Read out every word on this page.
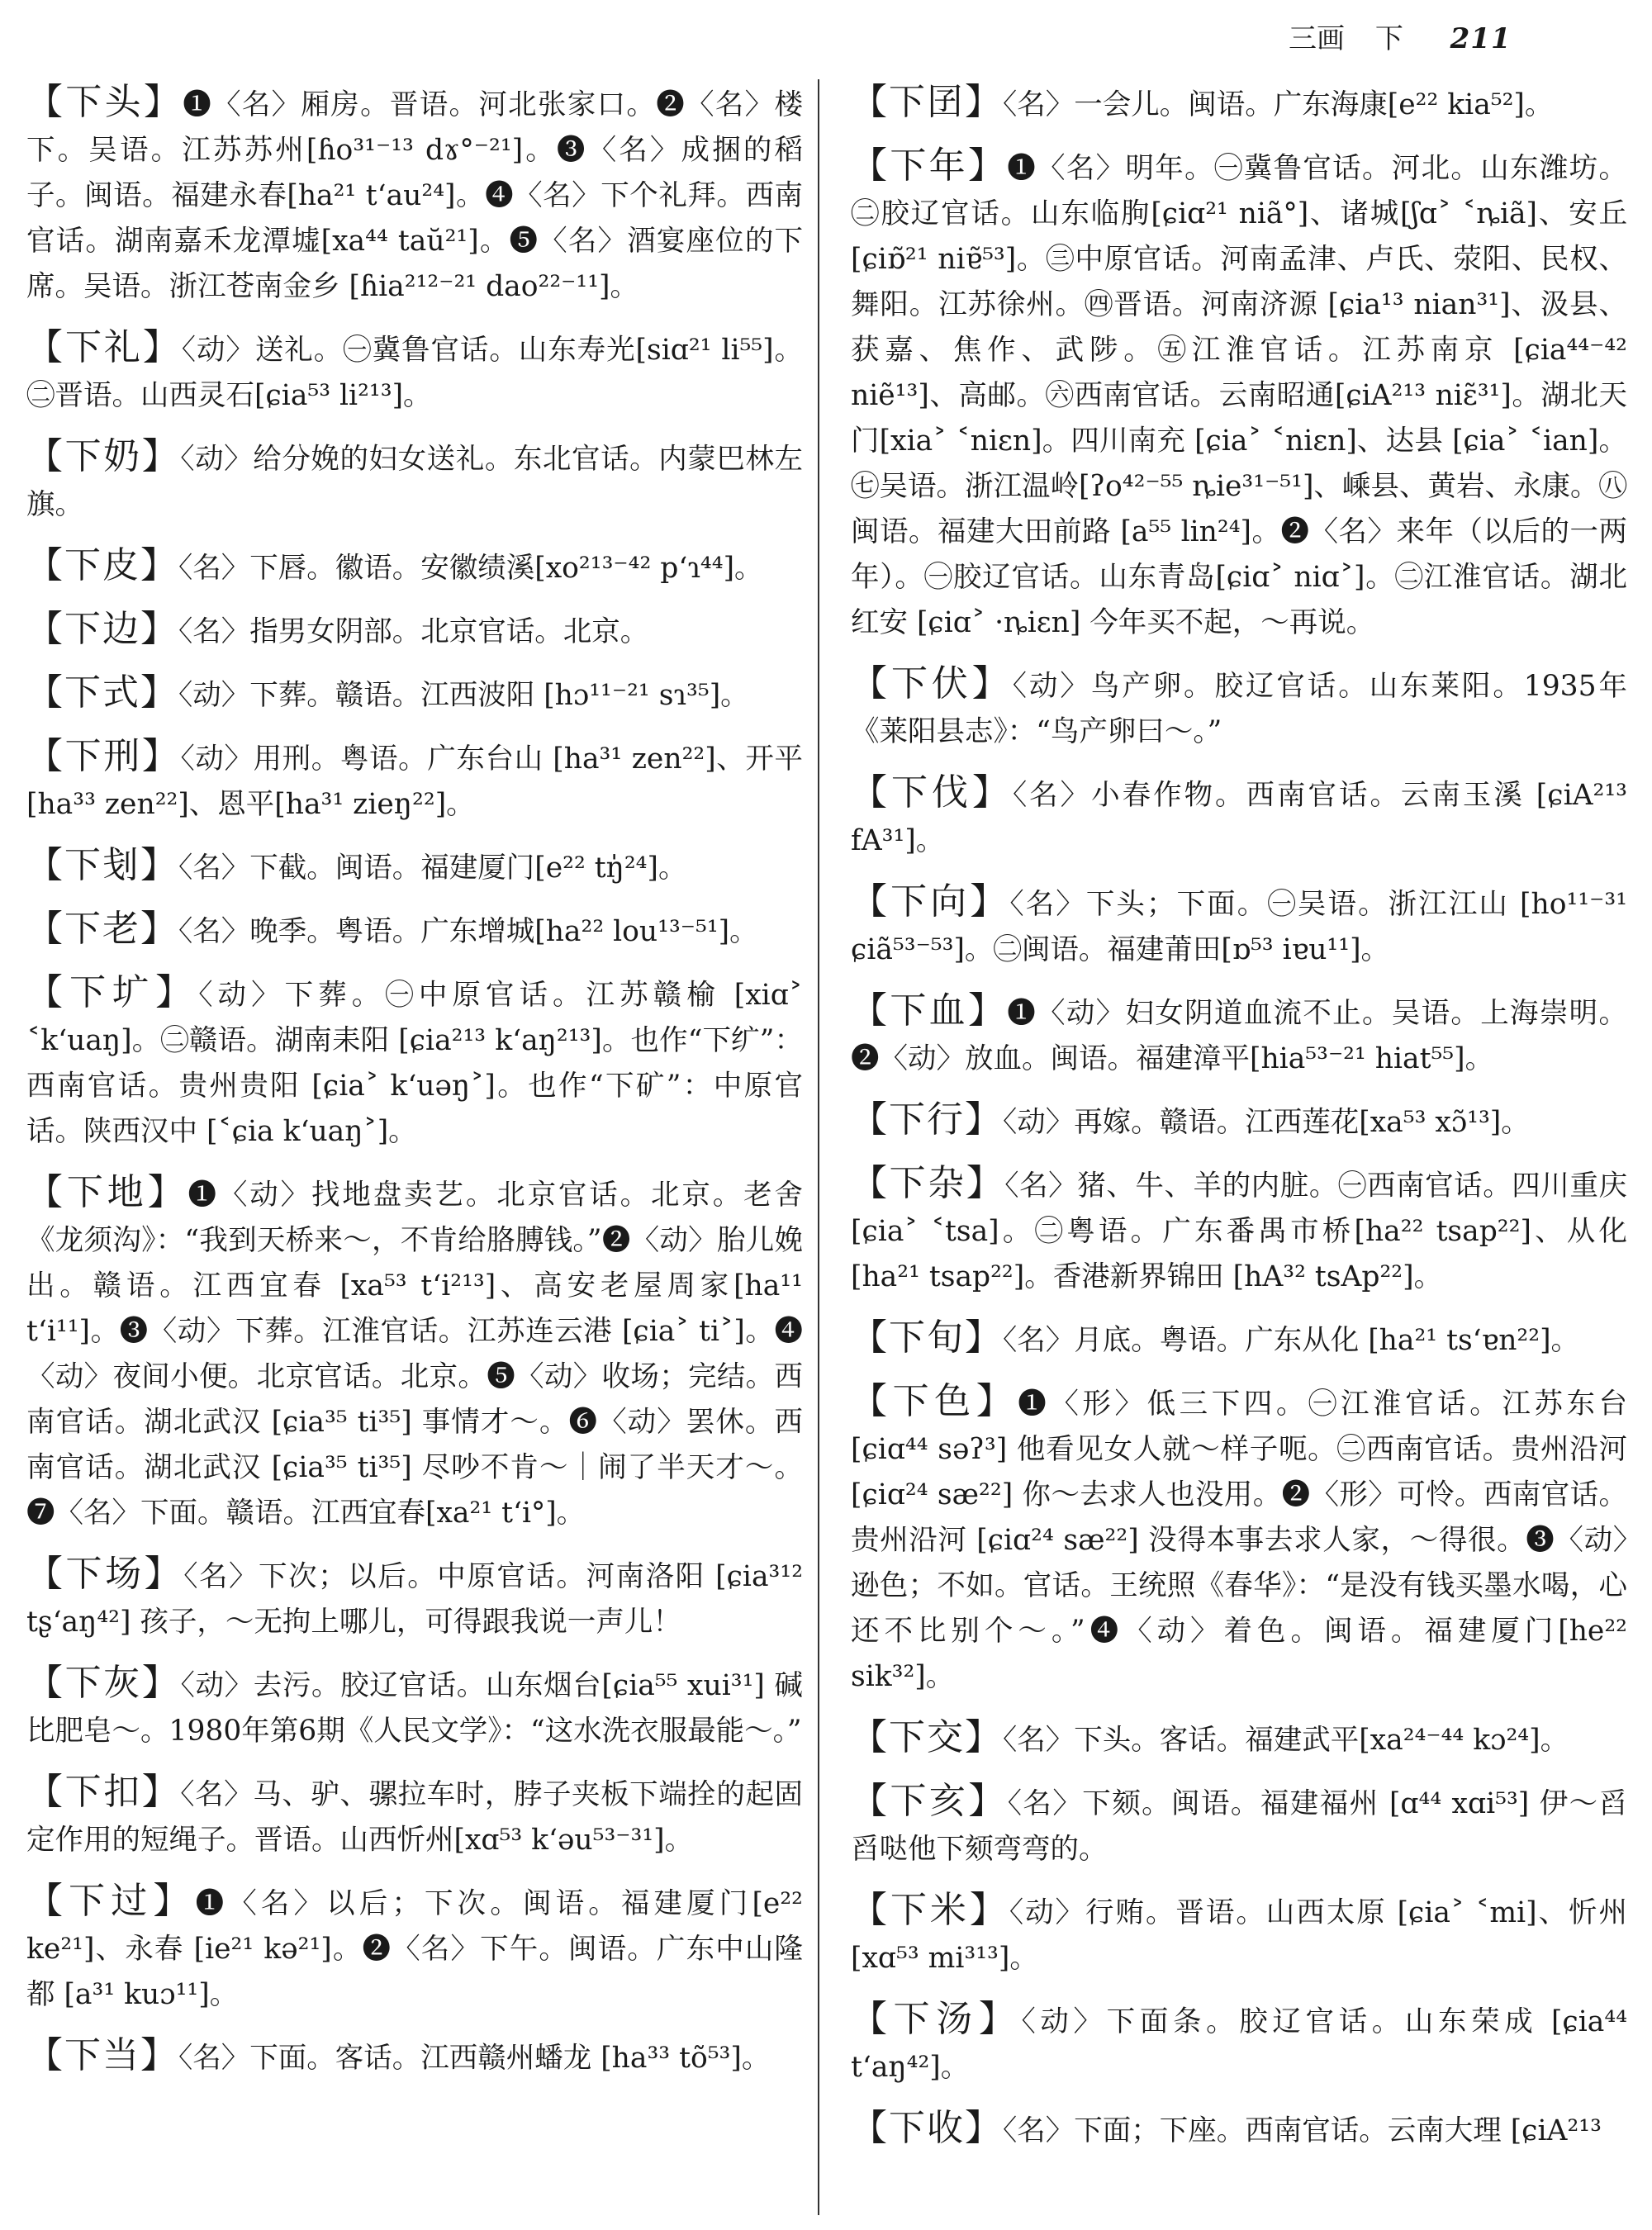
三画 下 211

【 下头 】 ❶〈名〉厢房。晋语。河北张家口。❷〈名〉楼下。吴语。江苏苏州[ɦo³¹⁻¹³ dɤ°⁻²¹]。❸〈名〉成捆的稻子。闽语。福建永春[ha²¹ t‘au²⁴]。❹〈名〉下个礼拜。西南官话。湖南嘉禾龙潭墟[xa⁴⁴ taŭ²¹]。❺〈名〉酒宴座位的下席。吴语。浙江苍南金乡 [ɦia²¹²⁻²¹ dao²²⁻¹¹]。

【 下礼 】 〈动〉送礼。㊀冀鲁官话。山东寿光[siɑ²¹ li⁵⁵]。㊁晋语。山西灵石[ɕia⁵³ li²¹³]。

【 下奶 】 〈动〉给分娩的妇女送礼。东北官话。内蒙巴林左旗。

【 下皮 】 〈名〉下唇。徽语。安徽绩溪[xo²¹³⁻⁴² p‘ɿ⁴⁴]。

【 下边 】 〈名〉指男女阴部。北京官话。北京。

【 下式 】 〈动〉下葬。赣语。江西波阳 [hɔ¹¹⁻²¹ sɿ³⁵]。

【 下刑 】 〈动〉用刑。粤语。广东台山 [ha³¹ zen²²]、开平[ha³³ zen²²]、恩平[ha³¹ zieŋ²²]。

【 下刬 】 〈名〉下截。闽语。福建厦门[e²² tŋ̍²⁴]。

【 下老 】 〈名〉晚季。粤语。广东增城[ha²² lou¹³⁻⁵¹]。

【 下圹 】 〈动〉下葬。㊀中原官话。江苏赣榆 [xiɑ˃ ˂k‘uaŋ]。㊁赣语。湖南耒阳 [ɕia²¹³ k‘aŋ²¹³]。也作“下纩”：西南官话。贵州贵阳 [ɕia˃ k‘uəŋ˃]。也作“下矿”：中原官话。陕西汉中 [˂ɕia k‘uaŋ˃]。

【 下地 】 ❶〈动〉找地盘卖艺。北京官话。北京。老舍《龙须沟》：“我到天桥来～，不肯给胳膊钱。”❷〈动〉胎儿娩出。赣语。江西宜春 [xa⁵³ t‘i²¹³]、高安老屋周家[ha¹¹ t‘i¹¹]。❸〈动〉下葬。江淮官话。江苏连云港 [ɕia˃ ti˃]。❹〈动〉夜间小便。北京官话。北京。❺〈动〉收场；完结。西南官话。湖北武汉 [ɕia³⁵ ti³⁵] 事情才～。❻〈动〉罢休。西南官话。湖北武汉 [ɕia³⁵ ti³⁵] 尽吵不肯～｜闹了半天才～。❼〈名〉下面。赣语。江西宜春[xa²¹ t‘i°]。

【 下场 】 〈名〉下次；以后。中原官话。河南洛阳 [ɕia³¹² tʂ‘aŋ⁴²] 孩子，～无拘上哪儿，可得跟我说一声儿！

【 下灰 】 〈动〉去污。胶辽官话。山东烟台[ɕia⁵⁵ xui³¹] 碱比肥皂～。1980年第6期《人民文学》：“这水洗衣服最能～。”

【 下扣 】 〈名〉马、驴、骡拉车时，脖子夹板下端拴的起固定作用的短绳子。晋语。山西忻州[xɑ⁵³ k‘əu⁵³⁻³¹]。

【 下过 】 ❶〈名〉以后；下次。闽语。福建厦门[e²² ke²¹]、永春 [ie²¹ kə²¹]。❷〈名〉下午。闽语。广东中山隆都 [a³¹ kuɔ¹¹]。

【 下当 】 〈名〉下面。客话。江西赣州蟠龙 [ha³³ tõ⁵³]。

【 下囝 】 〈名〉一会儿。闽语。广东海康[e²² kia⁵²]。

【 下年 】 ❶〈名〉明年。㊀冀鲁官话。河北。山东潍坊。㊁胶辽官话。山东临朐[ɕiɑ²¹ niã°]、诸城[ʃɑ˃ ˂ȵiã]、安丘[ɕiɒ̃²¹ niɐ̃⁵³]。㊂中原官话。河南孟津、卢氏、荥阳、民权、舞阳。江苏徐州。㊃晋语。河南济源 [ɕia¹³ nian³¹]、汲县、获嘉、焦作、武陟。㊄江淮官话。江苏南京 [ɕia⁴⁴⁻⁴² niẽ¹³]、高邮。㊅西南官话。云南昭通[ɕiA²¹³ niɛ̃³¹]。湖北天门[xia˃ ˂niɛn]。四川南充 [ɕia˃ ˂niɛn]、达县 [ɕia˃ ˂ian]。㊆吴语。浙江温岭[ʔo⁴²⁻⁵⁵ ȵie³¹⁻⁵¹]、嵊县、黄岩、永康。㊇闽语。福建大田前路 [a⁵⁵ lin²⁴]。❷〈名〉来年（以后的一两年）。㊀胶辽官话。山东青岛[ɕiɑ˃ niɑ˃]。㊁江淮官话。湖北红安 [ɕiɑ˃ ·ȵiɛn] 今年买不起，～再说。

【 下伏 】 〈动〉鸟产卵。胶辽官话。山东莱阳。1935年《莱阳县志》：“鸟产卵曰～。”

【 下伐 】 〈名〉小春作物。西南官话。云南玉溪 [ɕiA²¹³ fA³¹]。

【 下向 】 〈名〉下头；下面。㊀吴语。浙江江山 [ho¹¹⁻³¹ ɕiã⁵³⁻⁵³]。㊁闽语。福建莆田[ɒ⁵³ iɐu¹¹]。

【 下血 】 ❶〈动〉妇女阴道血流不止。吴语。上海崇明。❷〈动〉放血。闽语。福建漳平[hia⁵³⁻²¹ hiat⁵⁵]。

【 下行 】 〈动〉再嫁。赣语。江西莲花[xa⁵³ xɔ̃¹³]。

【 下杂 】 〈名〉猪、牛、羊的内脏。㊀西南官话。四川重庆[ɕia˃ ˂tsa]。㊁粤语。广东番禺市桥[ha²² tsap²²]、从化[ha²¹ tsap²²]。香港新界锦田 [hA³² tsAp²²]。

【 下旬 】 〈名〉月底。粤语。广东从化 [ha²¹ ts‘ɐn²²]。

【 下色 】 ❶〈形〉低三下四。㊀江淮官话。江苏东台 [ɕiɑ⁴⁴ səʔ³] 他看见女人就～样子呃。㊁西南官话。贵州沿河 [ɕiɑ²⁴ sæ²²] 你～去求人也没用。❷〈形〉可怜。西南官话。贵州沿河 [ɕiɑ²⁴ sæ²²] 没得本事去求人家，～得很。❸〈动〉逊色；不如。官话。王统照《春华》：“是没有钱买墨水喝，心还不比别个～。”❹〈动〉着色。闽语。福建厦门[he²² sik³²]。

【 下交 】 〈名〉下头。客话。福建武平[xa²⁴⁻⁴⁴ kɔ²⁴]。

【 下亥 】 〈名〉下颏。闽语。福建福州 [ɑ⁴⁴ xɑi⁵³] 伊～舀舀哒他下颏弯弯的。

【 下米 】 〈动〉行贿。晋语。山西太原 [ɕia˃ ˂mi]、忻州[xɑ⁵³ mi³¹³]。

【 下汤 】 〈动〉下面条。胶辽官话。山东荣成 [ɕia⁴⁴ t‘aŋ⁴²]。

【 下收 】 〈名〉下面；下座。西南官话。云南大理 [ɕiA²¹³
